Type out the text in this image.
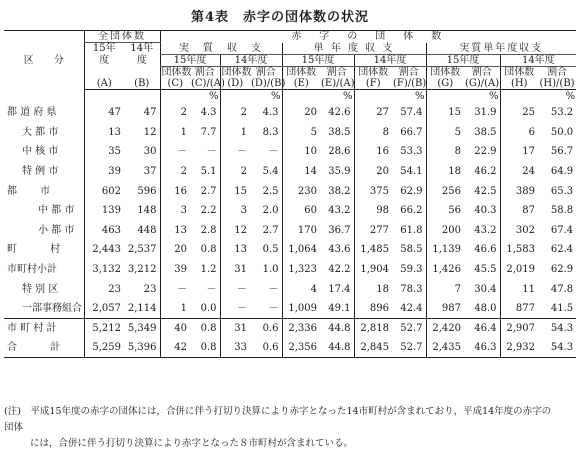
第4表　赤字の団体数の状況
区　　分	全団体数		赤　字　の　団　体　数											
	15年	14年	実　質　収　支				単 年 度 収 支				実質単年度収支			
	度	度	15年度		14年度		15年度		14年度		15年度		14年度	
			団体数	割合	団体数	割合	団体数	割合	団体数	割合	団体数	割合	団体数	割合
	(A)	(B)	(C)	(C)/(A)	(D)	(D)/(B)	(E)	(E)/(A)	(F)	(F)/(B)	(G)	(G)/(A)	(H)	(H)/(B)
				%		%		%		%		%		%
都 道 府 県	47	47	2	4.3	2	4.3	20	42.6	27	57.4	15	31.9	25	53.2
大 都 市	13	12	1	7.7	1	8.3	5	38.5	8	66.7	5	38.5	6	50.0
中 核 市	35	30	－	－	－	－	10	28.6	16	53.3	8	22.9	17	56.7
特 例 市	39	37	2	5.1	2	5.4	14	35.9	20	54.1	18	46.2	24	64.9
都　　 市	602	596	16	2.7	15	2.5	230	38.2	375	62.9	256	42.5	389	65.3
中 都 市	139	148	3	2.2	3	2.0	60	43.2	98	66.2	56	40.3	87	58.8
小 都 市	463	448	13	2.8	12	2.7	170	36.7	277	61.8	200	43.2	302	67.4
町　　　 村	2,443	2,537	20	0.8	13	0.5	1,064	43.6	1,485	58.5	1,139	46.6	1,583	62.4
市町村小計	3,132	3,212	39	1.2	31	1.0	1,323	42.2	1,904	59.3	1,426	45.5	2,019	62.9
特 別 区	23	23	－	－	－	－	4	17.4	18	78.3	7	30.4	11	47.8
一部事務組合	2,057	2,114	1	0.0	－	－	1,009	49.1	896	42.4	987	48.0	877	41.5
市 町 村 計	5,212	5,349	40	0.8	31	0.6	2,336	44.8	2,818	52.7	2,420	46.4	2,907	54.3
合　　　 計	5,259	5,396	42	0.8	33	0.6	2,356	44.8	2,845	52.7	2,435	46.3	2,932	54.3
(注)　平成15年度の赤字の団体には，合併に伴う打切り決算により赤字となった14市町村が含まれており，平成14年度の赤字の団体
には，合併に伴う打切り決算により赤字となった８市町村が含まれている。
